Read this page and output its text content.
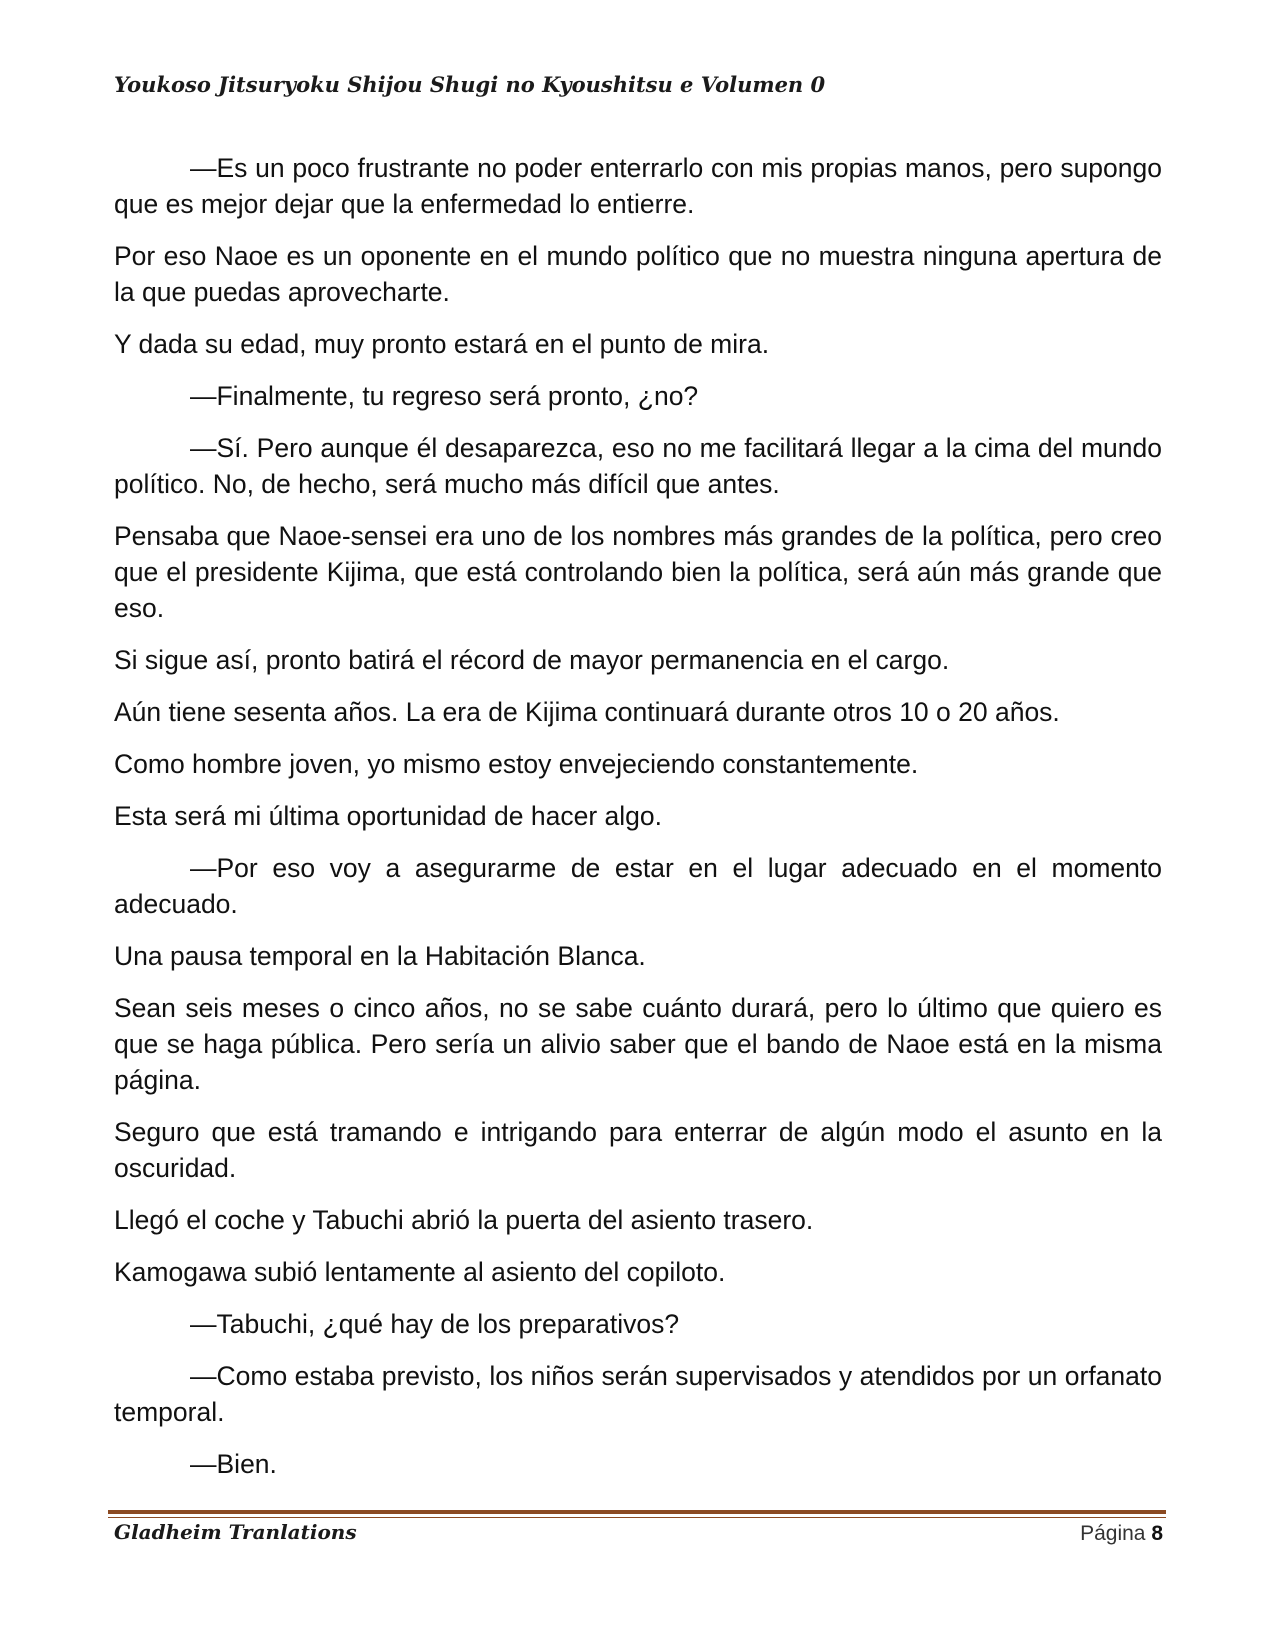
Youkoso Jitsuryoku Shijou Shugi no Kyoushitsu e Volumen 0

—Es un poco frustrante no poder enterrarlo con mis propias manos, pero supongo que es mejor dejar que la enfermedad lo entierre.

Por eso Naoe es un oponente en el mundo político que no muestra ninguna apertura de la que puedas aprovecharte.

Y dada su edad, muy pronto estará en el punto de mira.

—Finalmente, tu regreso será pronto, ¿no?

—Sí. Pero aunque él desaparezca, eso no me facilitará llegar a la cima del mundo político. No, de hecho, será mucho más difícil que antes.

Pensaba que Naoe-sensei era uno de los nombres más grandes de la política, pero creo que el presidente Kijima, que está controlando bien la política, será aún más grande que eso.

Si sigue así, pronto batirá el récord de mayor permanencia en el cargo.

Aún tiene sesenta años. La era de Kijima continuará durante otros 10 o 20 años.

Como hombre joven, yo mismo estoy envejeciendo constantemente.

Esta será mi última oportunidad de hacer algo.

—Por eso voy a asegurarme de estar en el lugar adecuado en el momento adecuado.

Una pausa temporal en la Habitación Blanca.

Sean seis meses o cinco años, no se sabe cuánto durará, pero lo último que quiero es que se haga pública. Pero sería un alivio saber que el bando de Naoe está en la misma página.

Seguro que está tramando e intrigando para enterrar de algún modo el asunto en la oscuridad.

Llegó el coche y Tabuchi abrió la puerta del asiento trasero.

Kamogawa subió lentamente al asiento del copiloto.

—Tabuchi, ¿qué hay de los preparativos?

—Como estaba previsto, los niños serán supervisados y atendidos por un orfanato temporal.

—Bien.

Gladheim Tranlations	Página 8
